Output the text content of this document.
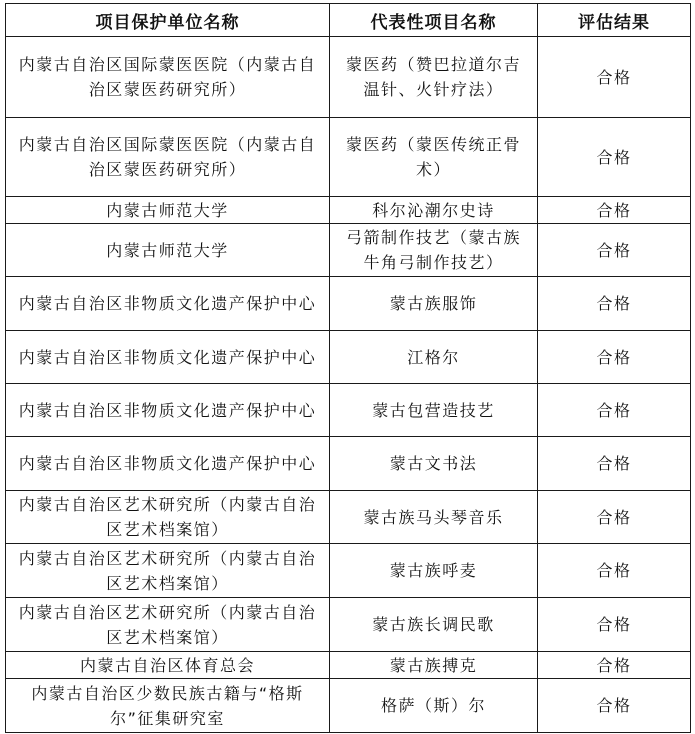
项目保护单位名称	代表性项目名称	评估结果
内蒙古自治区国际蒙医医院（内蒙古自治区蒙医药研究所）	蒙医药（赞巴拉道尔吉温针、火针疗法）	合格
内蒙古自治区国际蒙医医院（内蒙古自治区蒙医药研究所）	蒙医药（蒙医传统正骨术）	合格
内蒙古师范大学	科尔沁潮尔史诗	合格
内蒙古师范大学	弓箭制作技艺（蒙古族牛角弓制作技艺）	合格
内蒙古自治区非物质文化遗产保护中心	蒙古族服饰	合格
内蒙古自治区非物质文化遗产保护中心	江格尔	合格
内蒙古自治区非物质文化遗产保护中心	蒙古包营造技艺	合格
内蒙古自治区非物质文化遗产保护中心	蒙古文书法	合格
内蒙古自治区艺术研究所（内蒙古自治区艺术档案馆）	蒙古族马头琴音乐	合格
内蒙古自治区艺术研究所（内蒙古自治区艺术档案馆）	蒙古族呼麦	合格
内蒙古自治区艺术研究所（内蒙古自治区艺术档案馆）	蒙古族长调民歌	合格
内蒙古自治区体育总会	蒙古族搏克	合格
内蒙古自治区少数民族古籍与“格斯尔”征集研究室	格萨（斯）尔	合格
